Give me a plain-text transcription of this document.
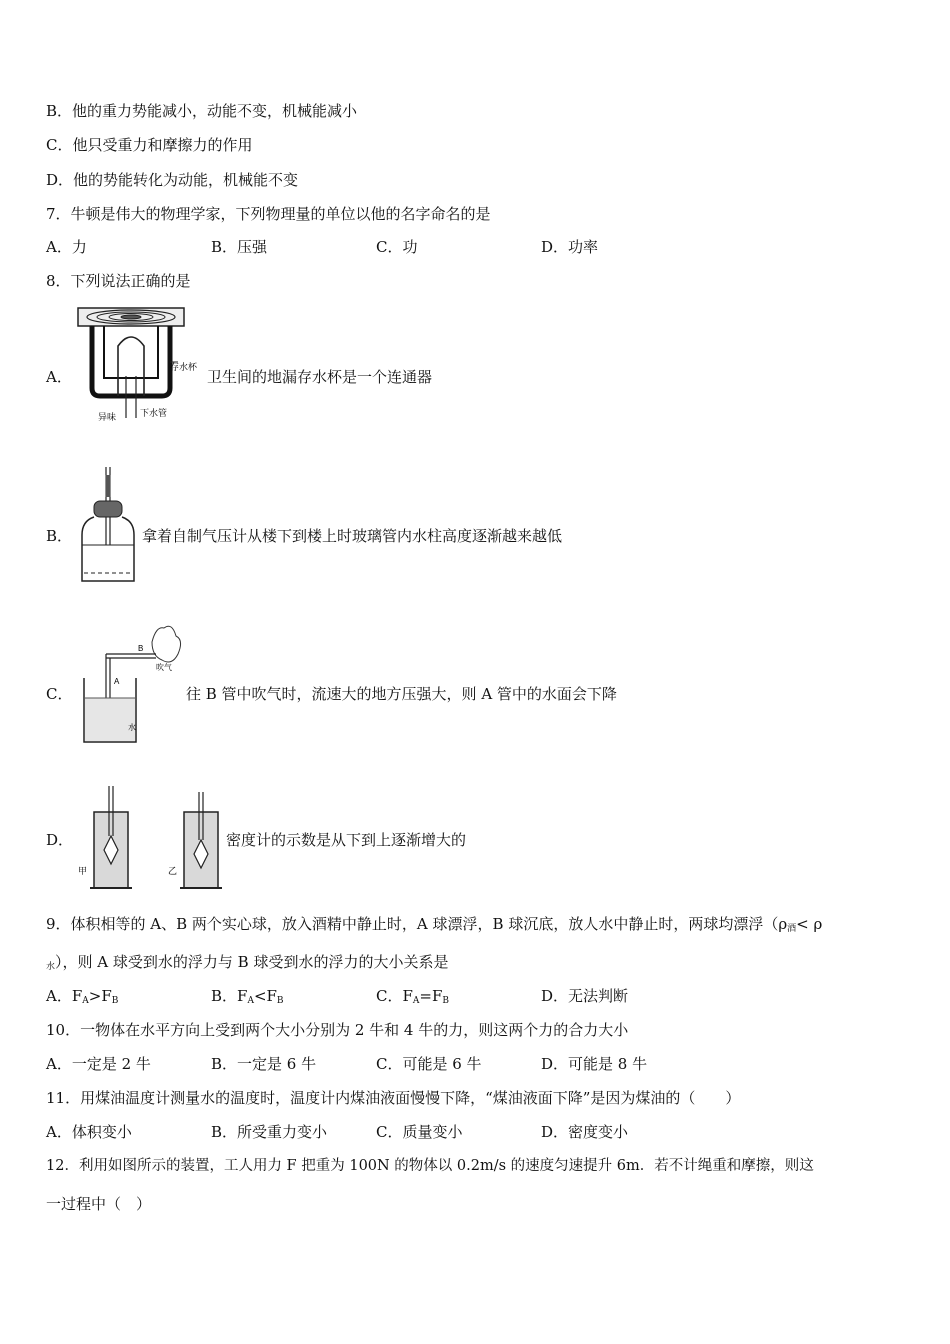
B．他的重力势能减小，动能不变，机械能减小
C．他只受重力和摩擦力的作用
D．他的势能转化为动能，机械能不变
7．牛顿是伟大的物理学家，下列物理量的单位以他的名字命名的是
A．力	B．压强	C．功	D．功率
8．下列说法正确的是
A．
存水杯
异味	下水管
卫生间的地漏存水杯是一个连通器
B．	拿着自制气压计从楼下到楼上时玻璃管内水柱高度逐渐越来越低
C．
A
B
吹气
水
往 B 管中吹气时，流速大的地方压强大，则 A 管中的水面会下降
D．
甲	乙
密度计的示数是从下到上逐渐增大的
9．体积相等的 A、B 两个实心球，放入酒精中静止时，A 球漂浮，B 球沉底，放人水中静止时，两球均漂浮（$\rho_酒< \rho$
$_水$），则 A 球受到水的浮力与 B 球受到水的浮力的大小关系是
A．$F_A>F_B$	B．$F_A<F_B$	C．$F_A=F_B$	D．无法判断
10．一物体在水平方向上受到两个大小分别为 2 牛和 4 牛的力，则这两个力的合力大小
A．一定是 2 牛	B．一定是 6 牛	C．可能是 6 牛	D．可能是 8 牛
11．用煤油温度计测量水的温度时，温度计内煤油液面慢慢下降，“煤油液面下降”是因为煤油的（　　）
A．体积变小	B．所受重力变小	C．质量变小	D．密度变小
12．利用如图所示的装置，工人用力 F 把重为 100N 的物体以 0.2m/s 的速度匀速提升 6m．若不计绳重和摩擦，则这
一过程中（　）
